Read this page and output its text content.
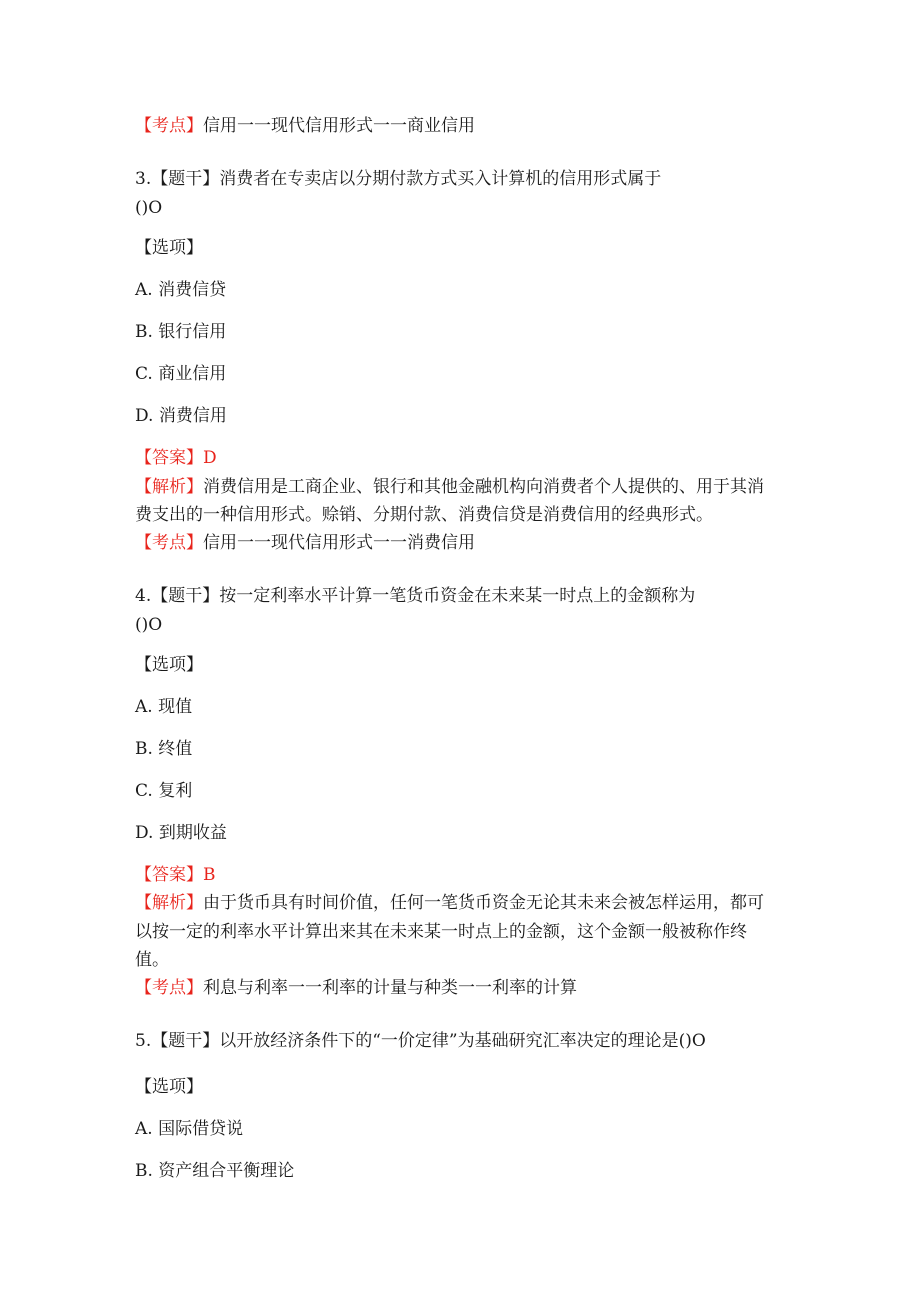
【考点】信用一一现代信用形式一一商业信用
3.【题干】消费者在专卖店以分期付款方式买入计算机的信用形式属于
()O
【选项】
A. 消费信贷
B. 银行信用
C. 商业信用
D. 消费信用
【答案】D
【解析】消费信用是工商企业、银行和其他金融机构向消费者个人提供的、用于其消
费支出的一种信用形式。赊销、分期付款、消费信贷是消费信用的经典形式。
【考点】信用一一现代信用形式一一消费信用
4.【题干】按一定利率水平计算一笔货币资金在未来某一时点上的金额称为
()O
【选项】
A. 现值
B. 终值
C. 复利
D. 到期收益
【答案】B
【解析】由于货币具有时间价值，任何一笔货币资金无论其未来会被怎样运用，都可
以按一定的利率水平计算出来其在未来某一时点上的金额，这个金额一般被称作终
值。
【考点】利息与利率一一利率的计量与种类一一利率的计算
5.【题干】以开放经济条件下的“一价定律”为基础研究汇率决定的理论是()O
【选项】
A. 国际借贷说
B. 资产组合平衡理论
